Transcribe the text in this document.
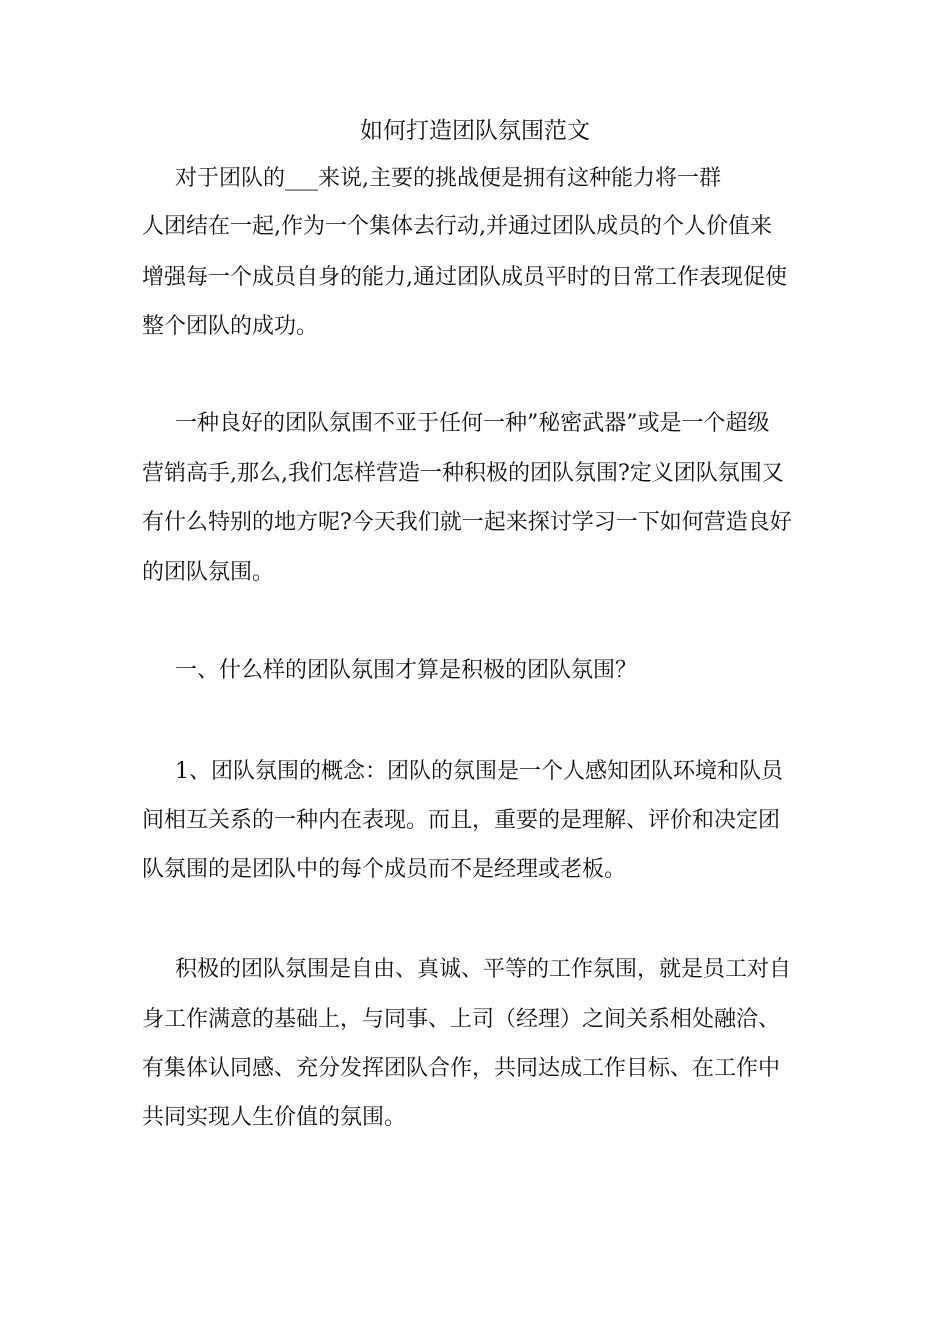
如何打造团队氛围范文
对于团队的___来说,主要的挑战便是拥有这种能力将一群
人团结在一起,作为一个集体去行动,并通过团队成员的个人价值来
增强每一个成员自身的能力,通过团队成员平时的日常工作表现促使
整个团队的成功。
一种良好的团队氛围不亚于任何一种”秘密武器”或是一个超级
营销高手,那么,我们怎样营造一种积极的团队氛围?定义团队氛围又
有什么特别的地方呢?今天我们就一起来探讨学习一下如何营造良好
的团队氛围。
一、什么样的团队氛围才算是积极的团队氛围？
1、团队氛围的概念：团队的氛围是一个人感知团队环境和队员
间相互关系的一种内在表现。而且，重要的是理解、评价和决定团
队氛围的是团队中的每个成员而不是经理或老板。
积极的团队氛围是自由、真诚、平等的工作氛围，就是员工对自
身工作满意的基础上，与同事、上司（经理）之间关系相处融洽、
有集体认同感、充分发挥团队合作，共同达成工作目标、在工作中
共同实现人生价值的氛围。
